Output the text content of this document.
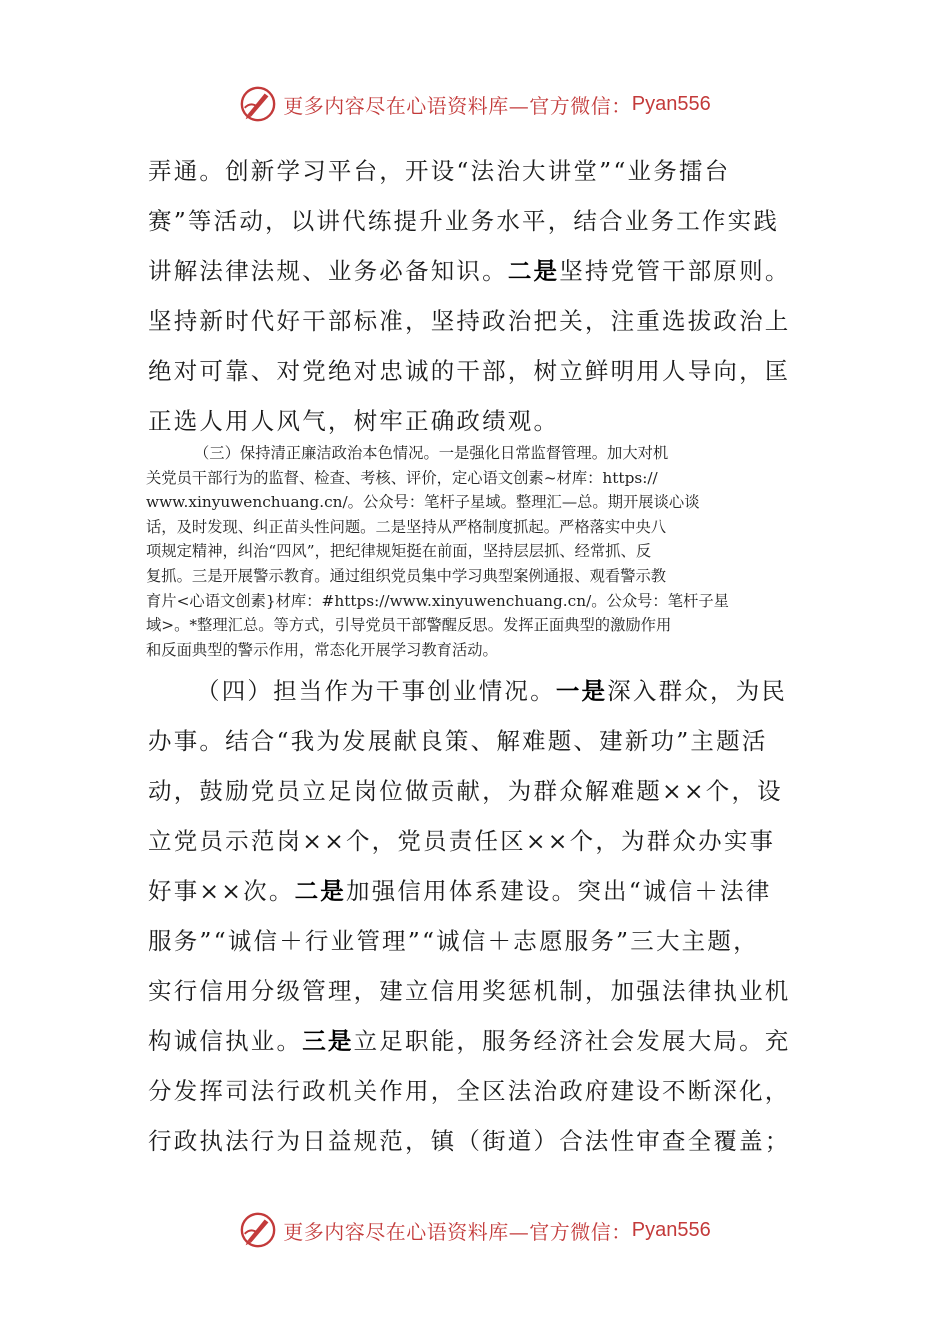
更多内容尽在心语资料库—官方微信： Pyan556
弄通。创新学习平台，开设“法治大讲堂”“业务擂台
赛”等活动，以讲代练提升业务水平，结合业务工作实践
讲解法律法规、业务必备知识。二是坚持党管干部原则。
坚持新时代好干部标准，坚持政治把关，注重选拔政治上
绝对可靠、对党绝对忠诚的干部，树立鲜明用人导向，匡
正选人用人风气，树牢正确政绩观。
（三）保持清正廉洁政治本色情况。一是强化日常监督管理。加大对机
关党员干部行为的监督、检查、考核、评价，定心语文创素~材库：https://
www.xinyuwenchuang.cn/。公众号：笔杆子星域。整理汇—总。期开展谈心谈
话，及时发现、纠正苗头性问题。二是坚持从严格制度抓起。严格落实中央八
项规定精神，纠治“四风”，把纪律规矩挺在前面，坚持层层抓、经常抓、反
复抓。三是开展警示教育。通过组织党员集中学习典型案例通报、观看警示教
育片<心语文创素}材库：#https://www.xinyuwenchuang.cn/。公众号：笔杆子星
域>。*整理汇总。等方式，引导党员干部警醒反思。发挥正面典型的激励作用
和反面典型的警示作用，常态化开展学习教育活动。
（四）担当作为干事创业情况。一是深入群众，为民
办事。结合“我为发展献良策、解难题、建新功”主题活
动，鼓励党员立足岗位做贡献，为群众解难题××个，设
立党员示范岗××个，党员责任区××个，为群众办实事
好事××次。二是加强信用体系建设。突出“诚信＋法律
服务”“诚信＋行业管理”“诚信＋志愿服务”三大主题，
实行信用分级管理，建立信用奖惩机制，加强法律执业机
构诚信执业。三是立足职能，服务经济社会发展大局。充
分发挥司法行政机关作用，全区法治政府建设不断深化，
行政执法行为日益规范，镇（街道）合法性审查全覆盖；
更多内容尽在心语资料库—官方微信： Pyan556
